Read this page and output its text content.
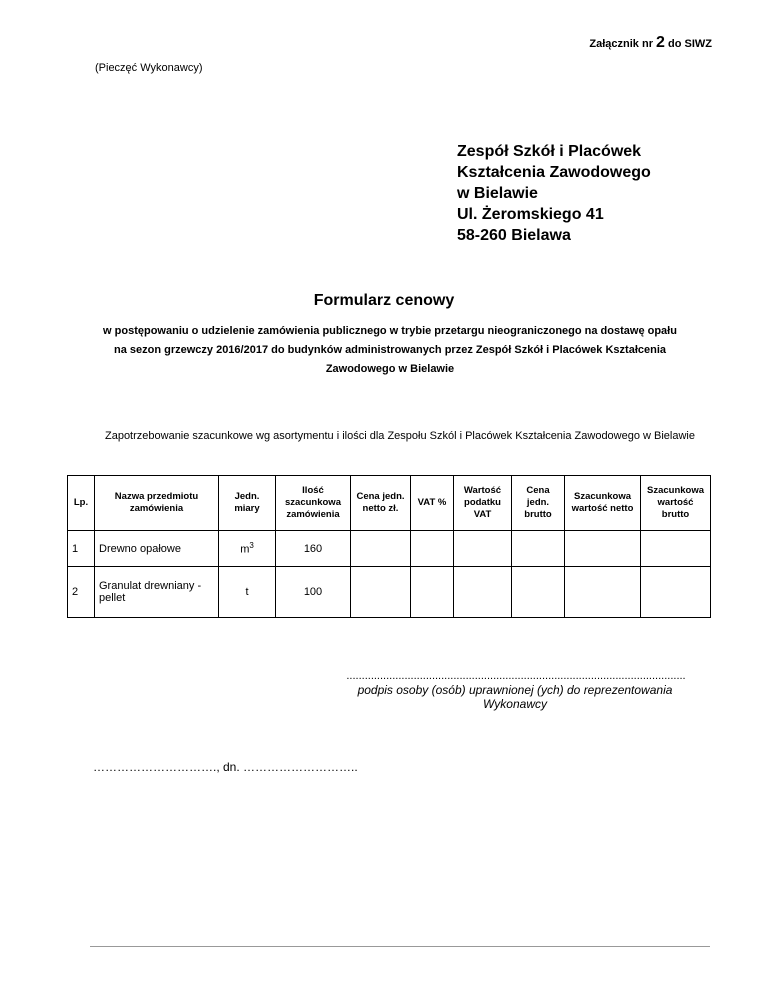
Załącznik nr 2 do SIWZ
(Pieczęć Wykonawcy)
Zespół Szkół i Placówek
Kształcenia Zawodowego
w Bielawie
Ul. Żeromskiego 41
58-260 Bielawa
Formularz cenowy
w postępowaniu o udzielenie zamówienia publicznego w trybie przetargu nieograniczonego na dostawę opału na sezon grzewczy 2016/2017 do budynków administrowanych przez Zespół Szkół i Placówek Kształcenia Zawodowego w Bielawie
Zapotrzebowanie szacunkowe wg asortymentu i ilości dla Zespołu Szkól i Placówek Kształcenia Zawodowego w Bielawie
Lp.	Nazwa przedmiotu zamówienia	Jedn. miary	Ilość szacunkowa zamówienia	Cena jedn. netto zł.	VAT %	Wartość podatku VAT	Cena jedn. brutto	Szacunkowa wartość netto	Szacunkowa wartość brutto
1	Drewno opałowe	$m^3$	160						
2	Granulat drewniany - pellet	t	100						
...............................................................................................................
podpis osoby (osób) uprawnionej (ych) do reprezentowania Wykonawcy
…………………………., dn. ………………………..
